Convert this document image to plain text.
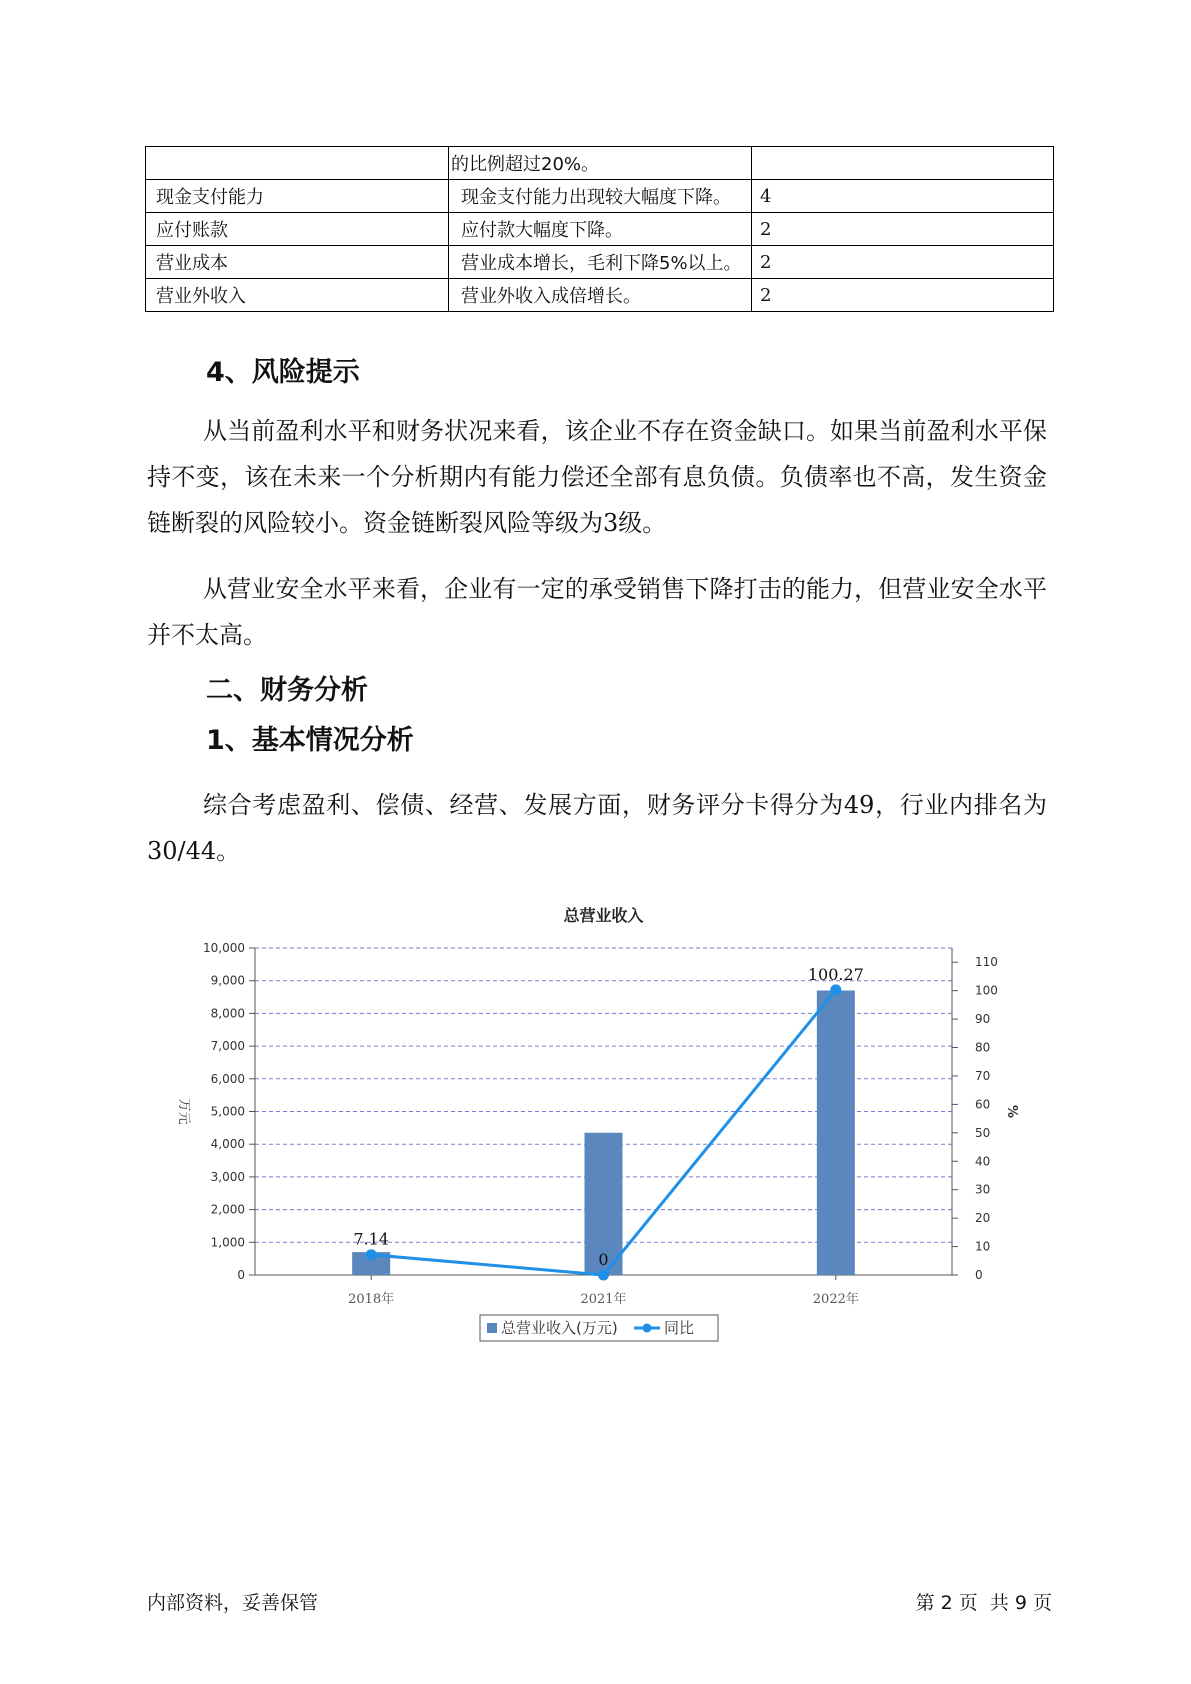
	的比例超过20%。	
现金支付能力	现金支付能力出现较大幅度下降。	4
应付账款	应付款大幅度下降。	2
营业成本	营业成本增长，毛利下降5%以上。	2
营业外收入	营业外收入成倍增长。	2
4、风险提示

从当前盈利水平和财务状况来看，该企业不存在资金缺口。如果当前盈利水平保持不变，该在未来一个分析期内有能力偿还全部有息负债。负债率也不高，发生资金链断裂的风险较小。资金链断裂风险等级为3级。

从营业安全水平来看，企业有一定的承受销售下降打击的能力，但营业安全水平并不太高。

二、财务分析
1、基本情况分析

综合考虑盈利、偿债、经营、发展方面，财务评分卡得分为49，行业内排名为30/44。

总营业收入
0
1,000
2,000
3,000
4,000
5,000
6,000
7,000
8,000
9,000
10,000
0
10
20
30
40
50
60
70
80
90
100
110
万元	%
2018年	2021年	2022年
7.14
0
100.27
总营业收入(万元)	同比
内部资料，妥善保管	第 2 页  共 9 页
